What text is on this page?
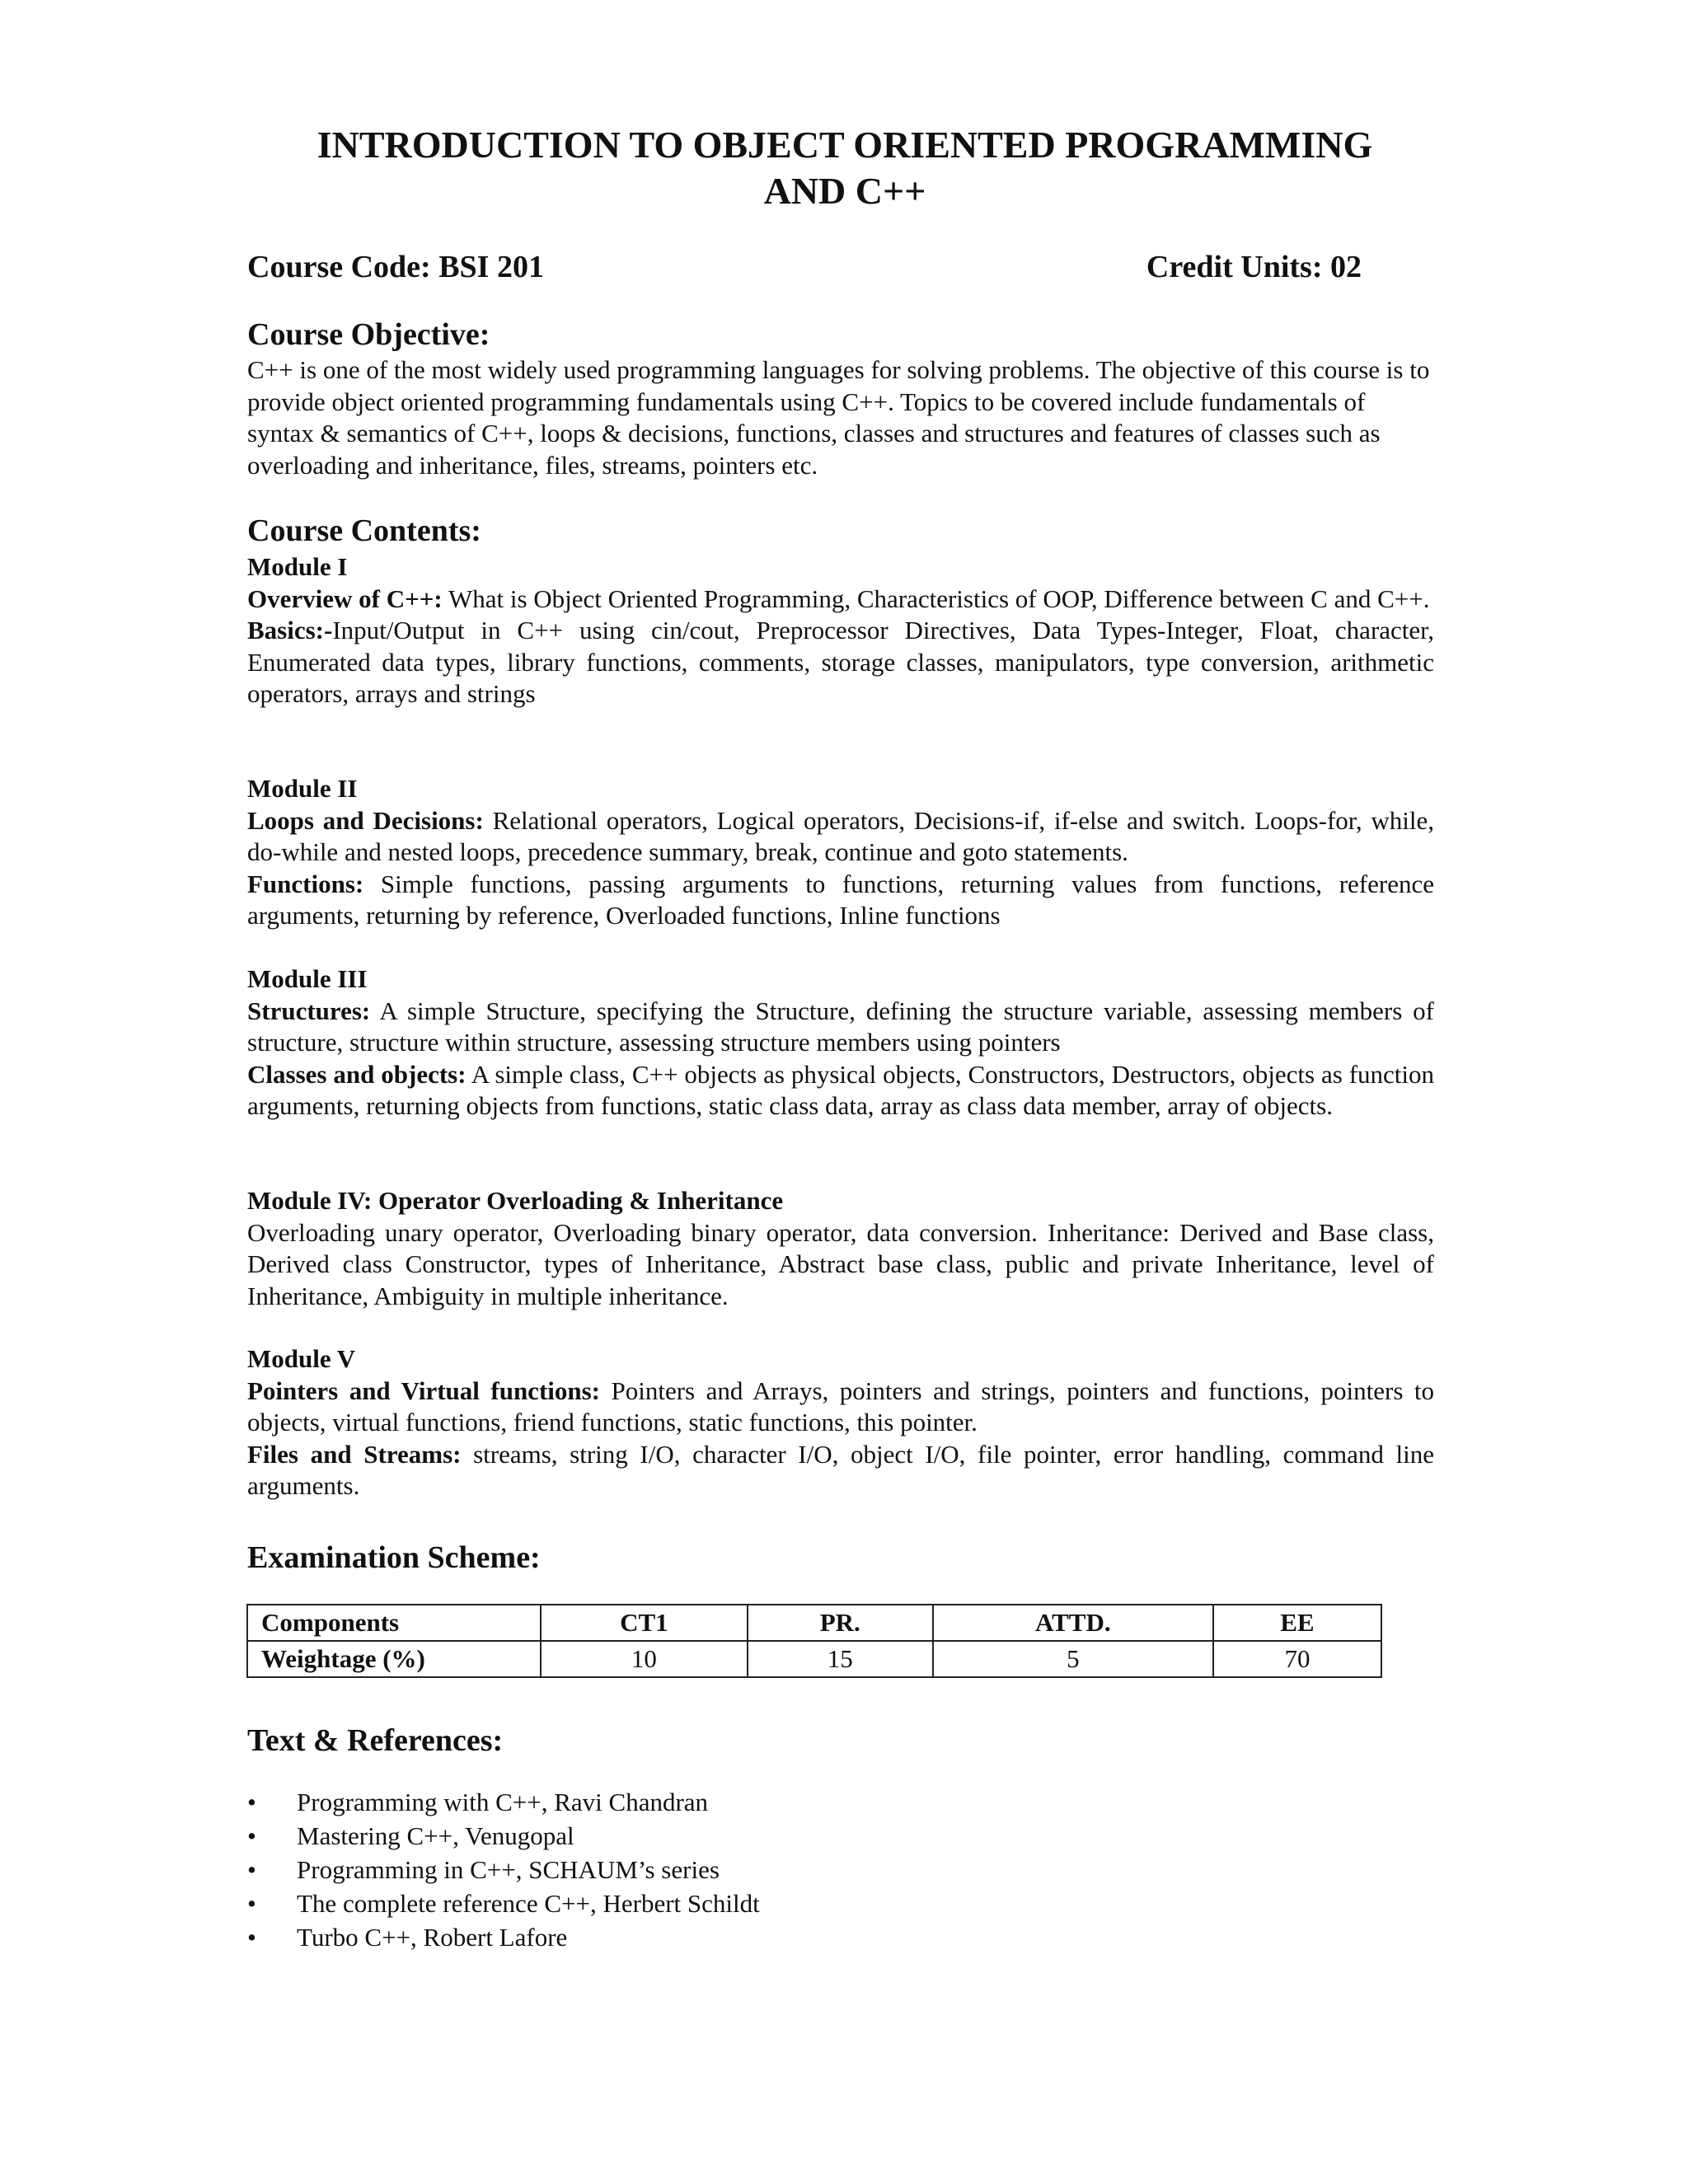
INTRODUCTION TO OBJECT ORIENTED PROGRAMMING
AND C++
Course Code: BSI 201	Credit Units: 02
Course Objective:
C++ is one of the most widely used programming languages for solving problems. The objective of this course is to provide object oriented programming fundamentals using C++. Topics to be covered include fundamentals of syntax & semantics of C++, loops & decisions, functions, classes and structures and features of classes such as overloading and inheritance, files, streams, pointers etc.
Course Contents:
Module I

Overview of C++: What is Object Oriented Programming, Characteristics of OOP, Difference between C and C++.

Basics:-Input/Output in C++ using cin/cout, Preprocessor Directives, Data Types-Integer, Float, character, Enumerated data types, library functions, comments, storage classes, manipulators, type conversion, arithmetic operators, arrays and strings

Module II

Loops and Decisions: Relational operators, Logical operators, Decisions-if, if-else and switch. Loops-for, while, do-while and nested loops, precedence summary, break, continue and goto statements.

Functions: Simple functions, passing arguments to functions, returning values from functions, reference arguments, returning by reference, Overloaded functions, Inline functions

Module III

Structures: A simple Structure, specifying the Structure, defining the structure variable, assessing members of structure, structure within structure, assessing structure members using pointers

Classes and objects: A simple class, C++ objects as physical objects, Constructors, Destructors, objects as function arguments, returning objects from functions, static class data, array as class data member, array of objects.

Module IV: Operator Overloading & Inheritance

Overloading unary operator, Overloading binary operator, data conversion. Inheritance: Derived and Base class, Derived class Constructor, types of Inheritance, Abstract base class, public and private Inheritance, level of Inheritance, Ambiguity in multiple inheritance.

Module V

Pointers and Virtual functions: Pointers and Arrays, pointers and strings, pointers and functions, pointers to objects, virtual functions, friend functions, static functions, this pointer.

Files and Streams: streams, string I/O, character I/O, object I/O, file pointer, error handling, command line arguments.

Examination Scheme:
Components	CT1	PR.	ATTD.	EE
Weightage (%)	10	15	5	70
Text & References:
• Programming with C++, Ravi Chandran
• Mastering C++, Venugopal
• Programming in C++, SCHAUM’s series
• The complete reference C++, Herbert Schildt
• Turbo C++, Robert Lafore
